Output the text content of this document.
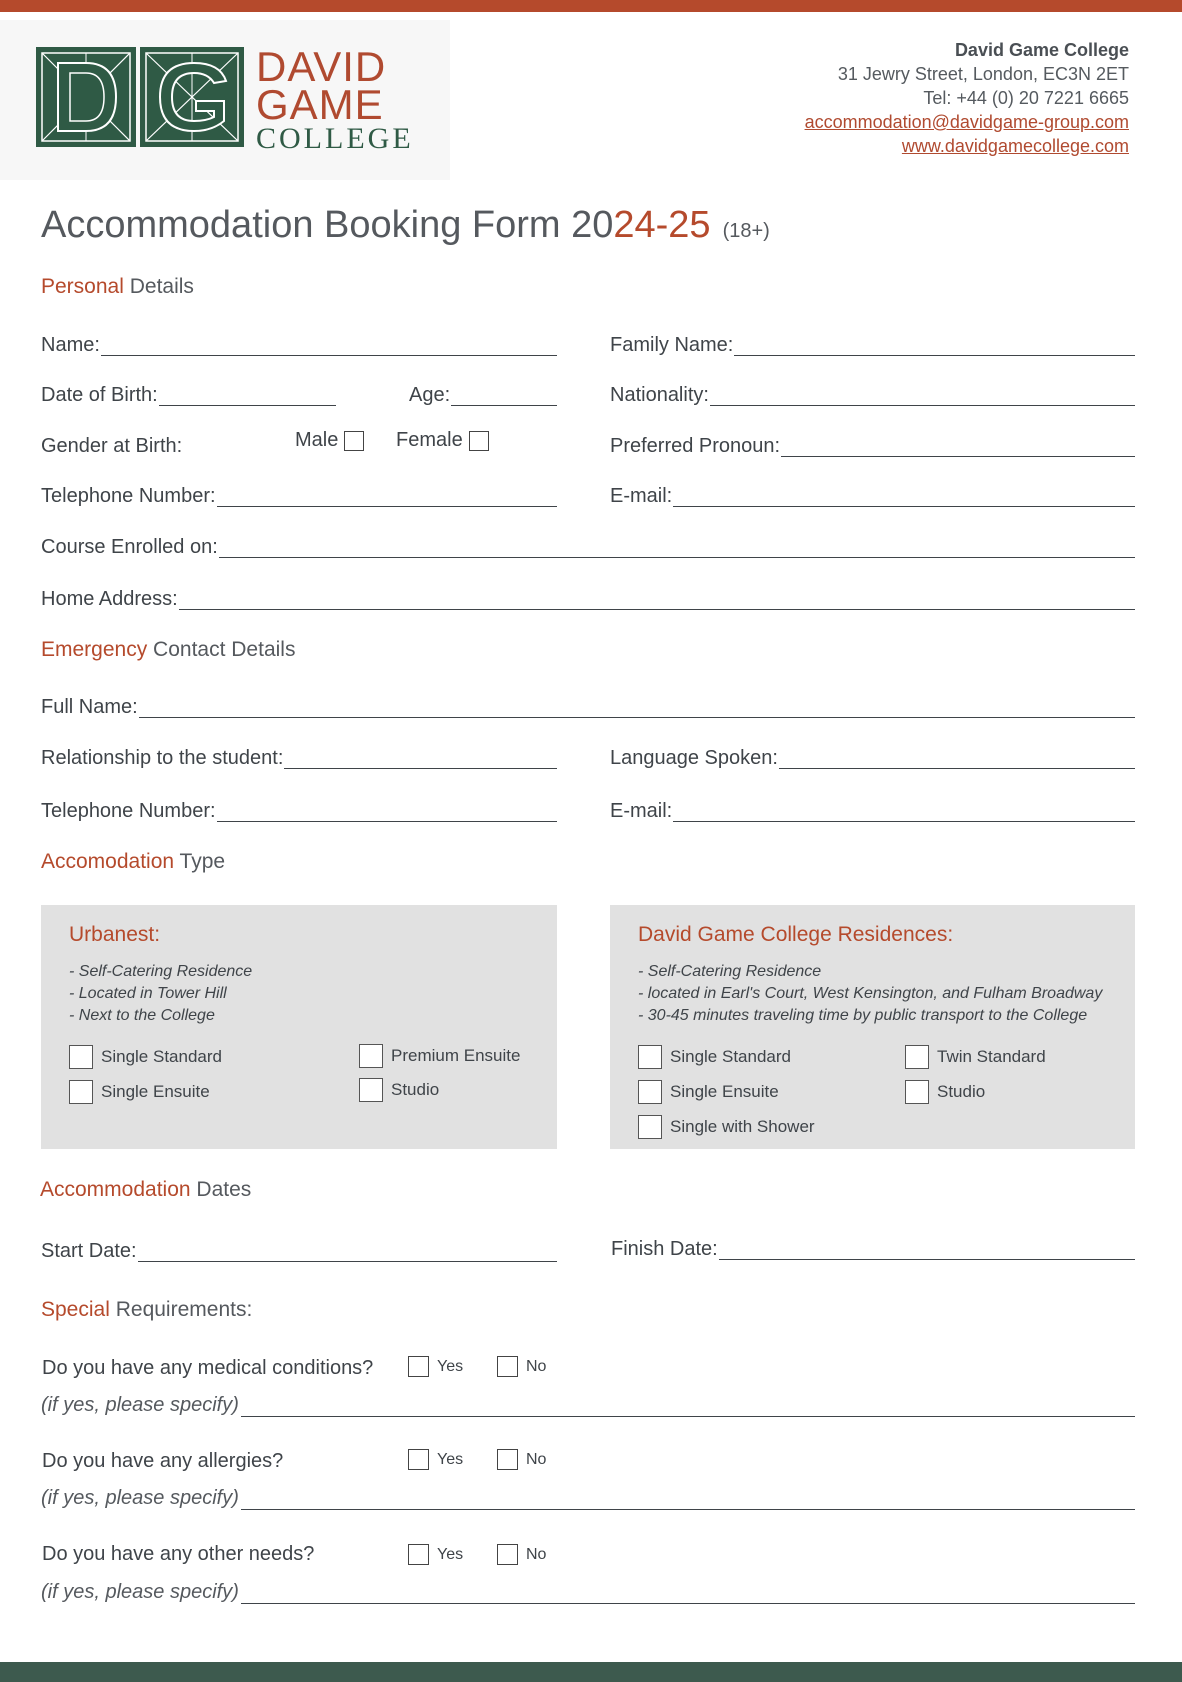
DAVID
GAME
COLLEGE
David Game College
31 Jewry Street, London, EC3N 2ET
Tel: +44 (0) 20 7221 6665
accommodation@davidgame-group.com
www.davidgamecollege.com
Accommodation Booking Form 2024-25 (18+)
Personal Details
Name:	Family Name:
Date of Birth:	Age:	Nationality:
Gender at Birth:	Male	Female	Preferred Pronoun:
Telephone Number:	E-mail:
Course Enrolled on:
Home Address:
Emergency Contact Details
Full Name:
Relationship to the student:	Language Spoken:
Telephone Number:	E-mail:
Accomodation Type
Urbanest:
- Self-Catering Residence
- Located in Tower Hill
- Next to the College
Single Standard	Premium Ensuite
Single Ensuite	Studio
David Game College Residences:
- Self-Catering Residence
- located in Earl's Court, West Kensington, and Fulham Broadway
- 30-45 minutes traveling time by public transport to the College
Single Standard	Twin Standard
Single Ensuite	Studio
Single with Shower
Accommodation Dates
Start Date:	Finish Date:
Special Requirements:
Do you have any medical conditions?	Yes	No
(if yes, please specify)
Do you have any allergies?	Yes	No
(if yes, please specify)
Do you have any other needs?	Yes	No
(if yes, please specify)
